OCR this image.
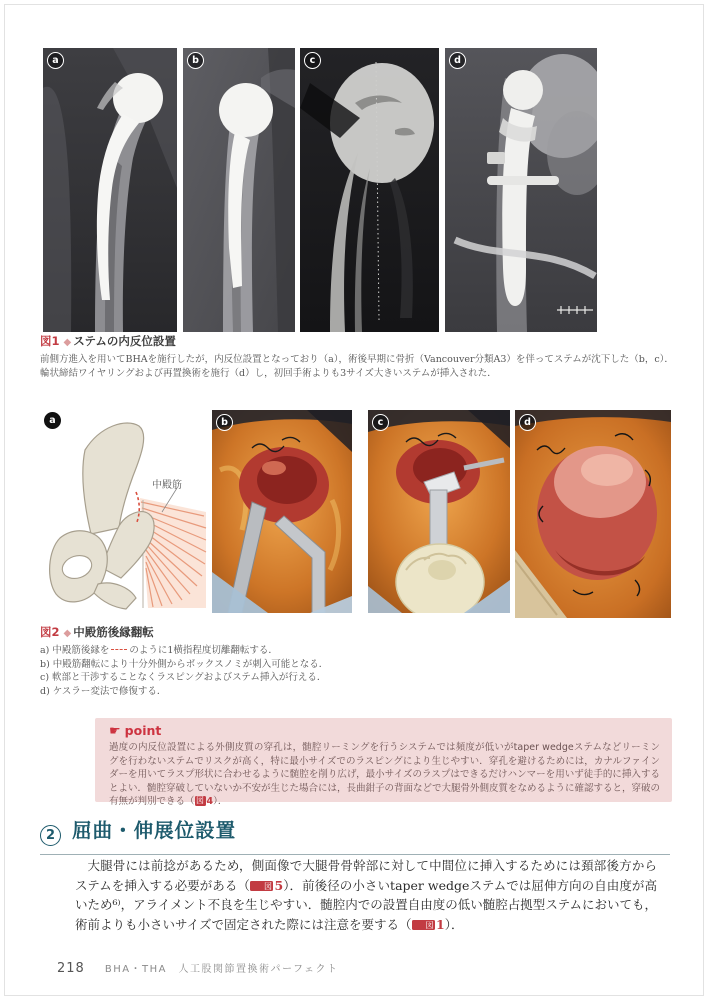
a	b	c	d
図1 ◆ ステムの内反位設置
前側方進入を用いてBHAを施行したが，内反位設置となっており（a），術後早期に骨折（Vancouver分類A3）を伴ってステムが沈下した（b，c）．輪状締結ワイヤリングおよび再置換術を施行（d）し，初回手術よりも3サイズ大きいステムが挿入された．
a
中殿筋
b	c	d
図2 ◆ 中殿筋後縁翻転
a) 中殿筋後縁を のように1横指程度切離翻転する．
b) 中殿筋翻転により十分外側からボックスノミが刺入可能となる．
c) 軟部と干渉することなくラスピングおよびステム挿入が行える．
d) ケスラー変法で修復する．
☛ point
過度の内反位設置による外側皮質の穿孔は，髄腔リーミングを行うシステムでは頻度が低いがtaper wedgeステムなどリーミングを行わないステムでリスクが高く，特に最小サイズでのラスピングにより生じやすい．穿孔を避けるためには，カナルファインダーを用いてラスプ形状に合わせるように髄腔を削り広げ，最小サイズのラスプはできるだけハンマーを用いず徒手的に挿入するとよい．髄腔穿破していないか不安が生じた場合には，長曲鉗子の背面などで大腿骨外側皮質をなめるように確認すると，穿破の有無が判別できる（ 図 4）．
2 屈曲・伸展位設置
大腿骨には前捻があるため，側面像で大腿骨骨幹部に対して中間位に挿入するためには頚部後方からステムを挿入する必要がある（ 図 5）．前後径の小さいtaper wedgeステムでは屈伸方向の自由度が高いため⁶⁾，アライメント不良を生じやすい．髄腔内での設置自由度の低い髄腔占拠型ステムにおいても，術前よりも小さいサイズで固定された際には注意を要する（ 図 1）．
218 BHA・THA　人工股関節置換術パーフェクト
